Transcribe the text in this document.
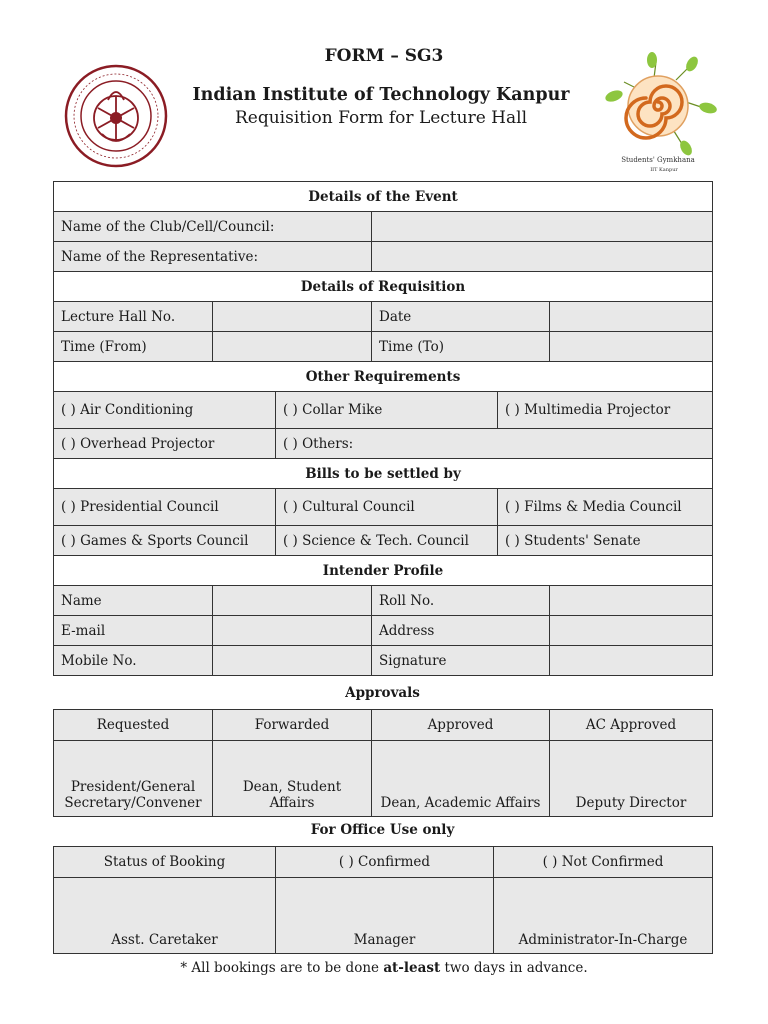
FORM – SG3
Indian Institute of Technology Kanpur
Requisition Form for Lecture Hall
Students' Gymkhana
IIT Kanpur
Details of the Event					
Name of the Club/Cell/Council:					
Name of the Representative:					
Details of Requisition					
Lecture Hall No.			Date		
Time (From)			Time (To)		
Other Requirements					
( ) Air Conditioning		( ) Collar Mike		( ) Multimedia Projector	
( ) Overhead Projector		( ) Others:			
Bills to be settled by					
( ) Presidential Council		( ) Cultural Council		( ) Films & Media Council	
( ) Games & Sports Council		( ) Science & Tech. Council		( ) Students' Senate	
Intender Profile					
Name			Roll No.		
E-mail			Address		
Mobile No.			Signature		
Approvals
Requested	Forwarded	Approved	AC Approved
President/General Secretary/Convener	Dean, Student Affairs	Dean, Academic Affairs	Deputy Director
For Office Use only
Status of Booking	( ) Confirmed	( ) Not Confirmed
Asst. Caretaker	Manager	Administrator-In-Charge
* All bookings are to be done at-least two days in advance.
